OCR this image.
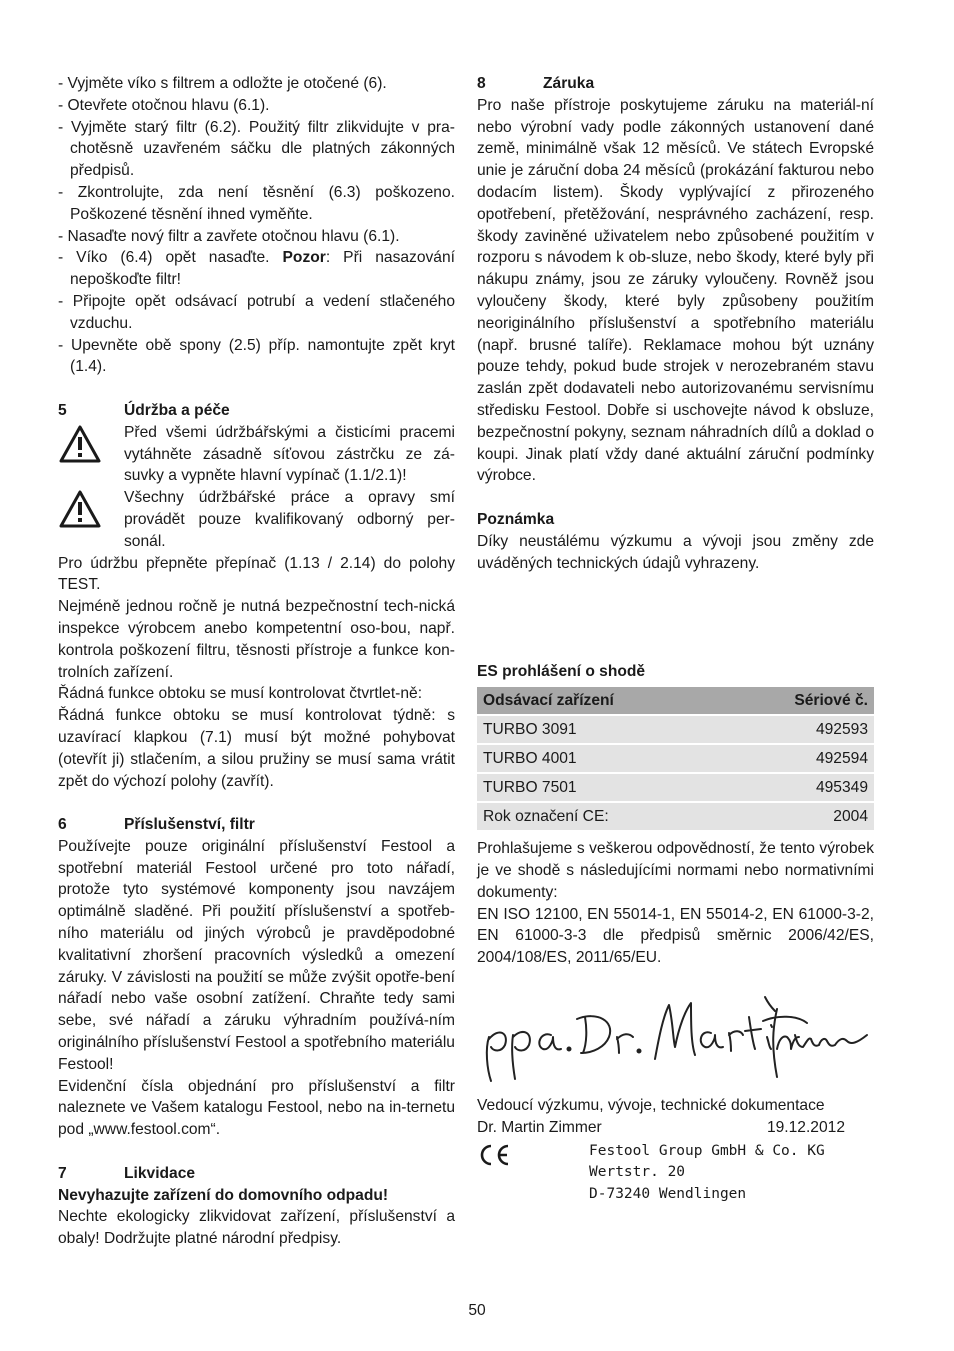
- Vyjměte víko s filtrem a odložte je otočené (6).

- Otevřete otočnou hlavu (6.1).

- Vyjměte starý filtr (6.2). Použitý filtr zlikvidujte v pra-chotěsně uzavřeném sáčku dle platných zákonných předpisů.

- Zkontrolujte, zda není těsnění (6.3) poškozeno. Poškozené těsnění ihned vyměňte.

- Nasaďte nový filtr a zavřete otočnou hlavu (6.1).

- Víko (6.4) opět nasaďte. Pozor: Při nasazování nepoškoďte filtr!

- Připojte opět odsávací potrubí a vedení stlačeného vzduchu.

- Upevněte obě spony (2.5) příp. namontujte zpět kryt (1.4).

5	Údržba a péče

Před všemi údržbářskými a čisticími pracemi vytáhněte zásadně síťovou zástrčku ze zá-suvky a vypněte hlavní vypínač (1.1/2.1)!
Všechny údržbářské práce a opravy smí provádět pouze kvalifikovaný odborný per-sonál.

Pro údržbu přepněte přepínač (1.13 / 2.14) do polohy TEST.

Nejméně jednou ročně je nutná bezpečnostní tech-nická inspekce výrobcem anebo kompetentní oso-bou, např. kontrola poškození filtru, těsnosti přístroje a funkce kon-trolních zařízení.

Řádná funkce obtoku se musí kontrolovat čtvrtlet-ně:

Řádná funkce obtoku se musí kontrolovat týdně: s uzavírací klapkou (7.1) musí být možné pohybovat (otevřít ji) stlačením, a silou pružiny se musí sama vrátit zpět do výchozí polohy (zavřít).

6	Příslušenství, filtr

Používejte pouze originální příslušenství Festool a spotřební materiál Festool určené pro toto nářadí, protože tyto systémové komponenty jsou navzájem optimálně sladěné. Při použití příslušenství a spotřeb-ního materiálu od jiných výrobců je pravděpodobné kvalitativní zhoršení pracovních výsledků a omezení záruky. V závislosti na použití se může zvýšit opotře-bení nářadí nebo vaše osobní zatížení. Chraňte tedy sami sebe, své nářadí a záruku výhradním používá-ním originálního příslušenství Festool a spotřebního materiálu Festool!

Evidenční čísla objednání pro příslušenství a filtr naleznete ve Vašem katalogu Festool, nebo na in-ternetu pod „www.festool.com“.

7	Likvidace

Nevyhazujte zařízení do domovního odpadu!

Nechte ekologicky zlikvidovat zařízení, příslušenství a obaly! Dodržujte platné národní předpisy.

8	Záruka

Pro naše přístroje poskytujeme záruku na materiál-ní nebo výrobní vady podle zákonných ustanovení dané země, minimálně však 12 měsíců. Ve státech Evropské unie je záruční doba 24 měsíců (prokázání fakturou nebo dodacím listem). Škody vyplývající z přirozeného opotřebení, přetěžování, nesprávného zacházení, resp. škody zaviněné uživatelem nebo způsobené použitím v rozporu s návodem k ob-sluze, nebo škody, které byly při nákupu známy, jsou ze záruky vyloučeny. Rovněž jsou vyloučeny škody, které byly způsobeny použitím neoriginálního příslušenství a spotřebního materiálu (např. brusné talíře). Reklamace mohou být uznány pouze tehdy, pokud bude strojek v nerozebraném stavu zaslán zpět dodavateli nebo autorizovanému servisnímu středisku Festool. Dobře si uschovejte návod k obsluze, bezpečnostní pokyny, seznam náhradních dílů a doklad o koupi. Jinak platí vždy dané aktuální záruční podmínky výrobce.

Poznámka

Díky neustálému výzkumu a vývoji jsou změny zde uváděných technických údajů vyhrazeny.

ES prohlášení o shodě

Odsávací zařízení	Sériové č.
TURBO 3091	492593
TURBO 4001	492594
TURBO 7501	495349
Rok označení CE:	2004

Prohlašujeme s veškerou odpovědností, že tento výrobek je ve shodě s následujícími normami nebo normativními dokumenty:

EN ISO 12100, EN 55014-1, EN 55014-2, EN 61000-3-2, EN 61000-3-3 dle předpisů směrnic 2006/42/ES, 2004/108/ES, 2011/65/EU.

Vedoucí výzkumu, vývoje, technické dokumentace

Dr. Martin Zimmer	19.12.2012

Festool Group GmbH & Co. KG
Wertstr. 20
D-73240 Wendlingen
50
